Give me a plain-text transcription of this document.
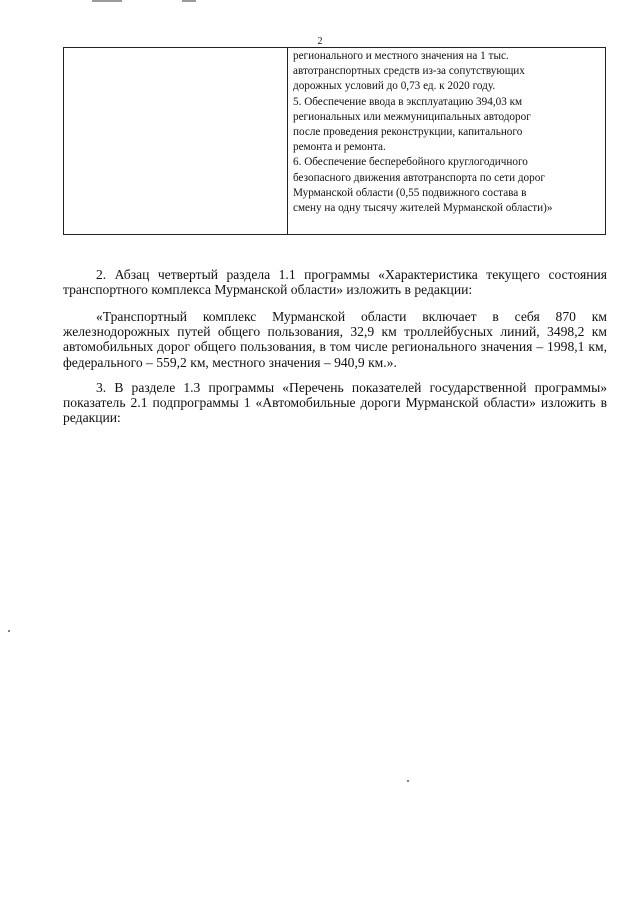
2

регионального и местного значения на 1 тыс.

автотранспортных средств из-за сопутствующих

дорожных условий до 0,73 ед. к 2020 году.

5. Обеспечение ввода в эксплуатацию 394,03 км

региональных или межмуниципальных автодорог

после проведения реконструкции, капитального

ремонта и ремонта.

6. Обеспечение бесперебойного круглогодичного

безопасного движения автотранспорта по сети дорог

Мурманской области (0,55 подвижного состава в

смену на одну тысячу жителей Мурманской области)»

2. Абзац четвертый раздела 1.1 программы «Характеристика текущего состояния транспортного комплекса Мурманской области» изложить в редакции:

«Транспортный комплекс Мурманской области включает в себя 870 км железнодорожных путей общего пользования, 32,9 км троллейбусных линий, 3498,2 км автомобильных дорог общего пользования, в том числе регионального значения – 1998,1 км, федерального – 559,2 км, местного значения – 940,9 км.».

3. В разделе 1.3 программы «Перечень показателей государственной программы» показатель 2.1 подпрограммы 1 «Автомобильные дороги Мурманской области» изложить в редакции:
